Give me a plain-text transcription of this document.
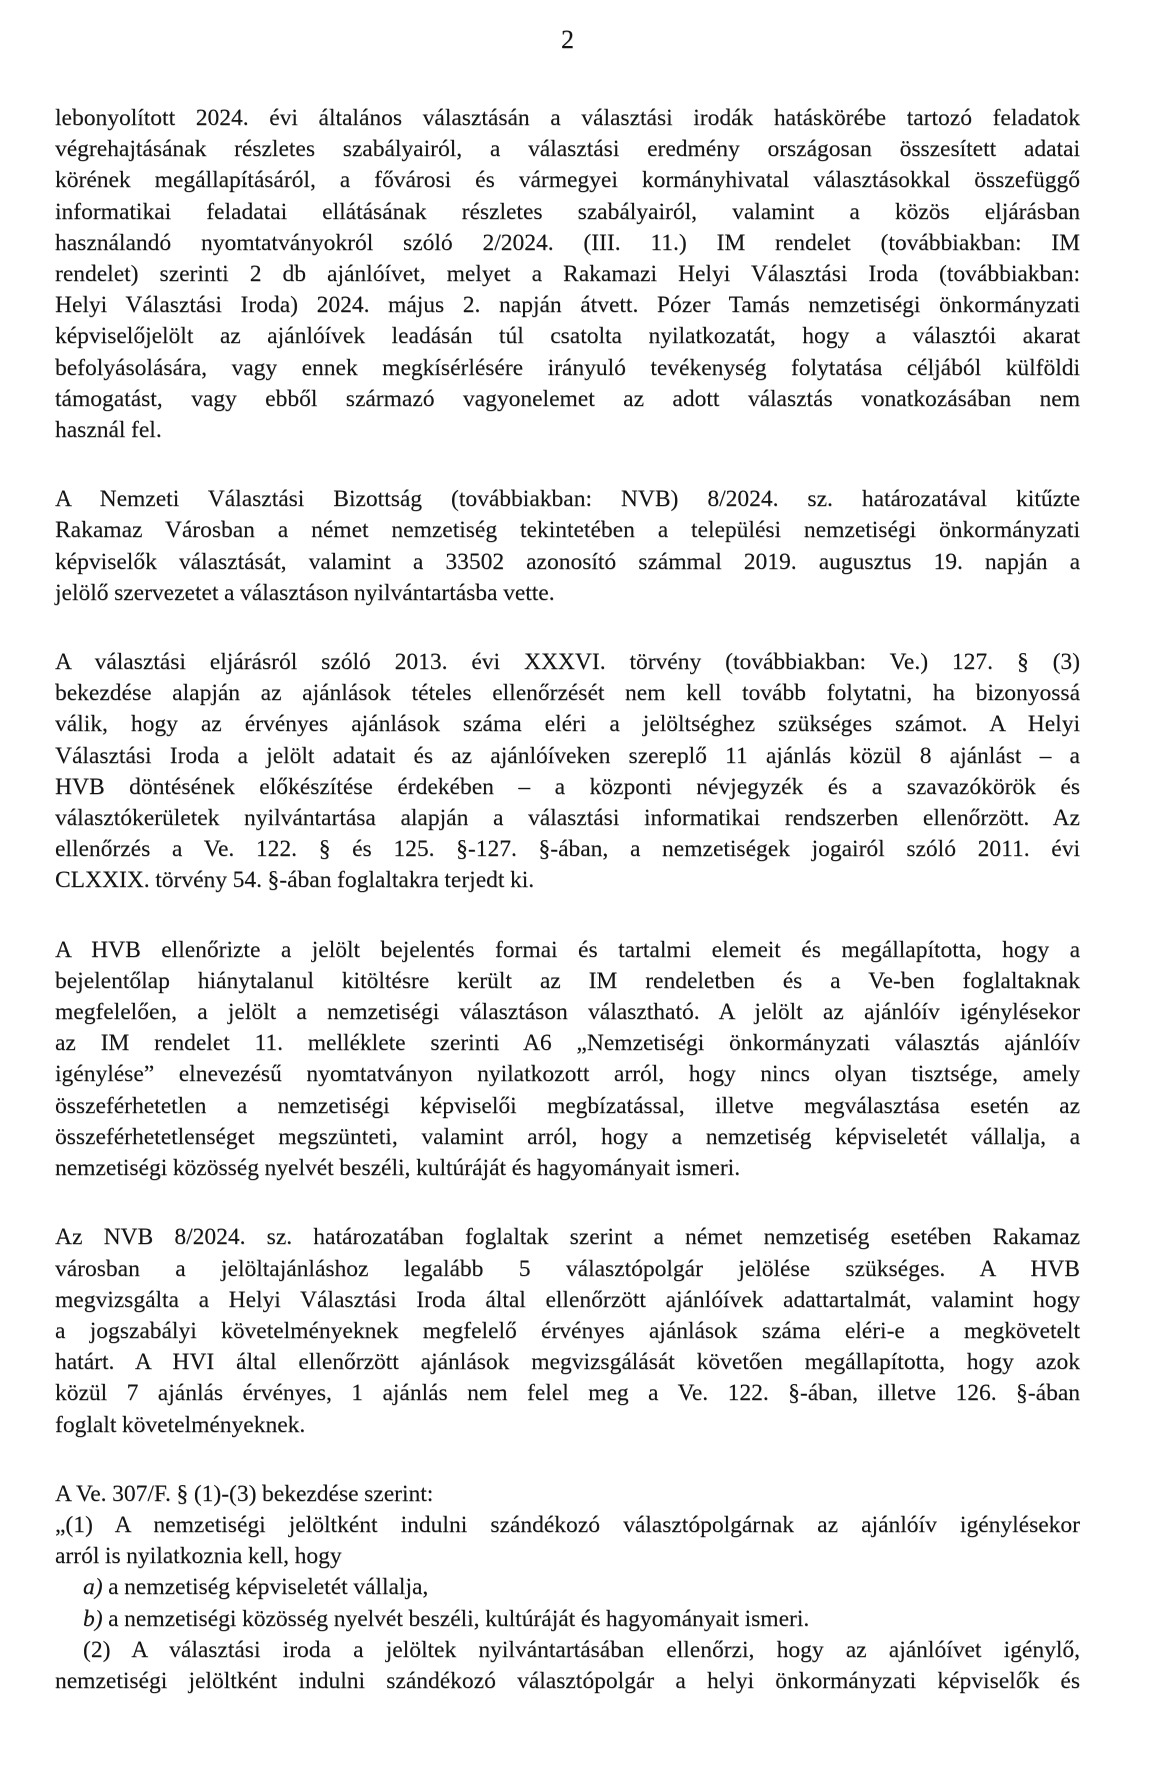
2
lebonyolított 2024. évi általános választásán a választási irodák hatáskörébe tartozó feladatok
végrehajtásának részletes szabályairól, a választási eredmény országosan összesített adatai
körének megállapításáról, a fővárosi és vármegyei kormányhivatal választásokkal összefüggő
informatikai feladatai ellátásának részletes szabályairól, valamint a közös eljárásban
használandó nyomtatványokról szóló 2/2024. (III. 11.) IM rendelet (továbbiakban: IM
rendelet) szerinti 2 db ajánlóívet, melyet a Rakamazi Helyi Választási Iroda (továbbiakban:
Helyi Választási Iroda) 2024. május 2. napján átvett. Pózer Tamás nemzetiségi önkormányzati
képviselőjelölt az ajánlóívek leadásán túl csatolta nyilatkozatát, hogy a választói akarat
befolyásolására, vagy ennek megkísérlésére irányuló tevékenység folytatása céljából külföldi
támogatást, vagy ebből származó vagyonelemet az adott választás vonatkozásában nem
használ fel.
A Nemzeti Választási Bizottság (továbbiakban: NVB) 8/2024. sz. határozatával kitűzte
Rakamaz Városban a német nemzetiség tekintetében a települési nemzetiségi önkormányzati
képviselők választását, valamint a 33502 azonosító számmal 2019. augusztus 19. napján a
jelölő szervezetet a választáson nyilvántartásba vette.
A választási eljárásról szóló 2013. évi XXXVI. törvény (továbbiakban: Ve.) 127. § (3)
bekezdése alapján az ajánlások tételes ellenőrzését nem kell tovább folytatni, ha bizonyossá
válik, hogy az érvényes ajánlások száma eléri a jelöltséghez szükséges számot. A Helyi
Választási Iroda a jelölt adatait és az ajánlóíveken szereplő 11 ajánlás közül 8 ajánlást – a
HVB döntésének előkészítése érdekében – a központi névjegyzék és a szavazókörök és
választókerületek nyilvántartása alapján a választási informatikai rendszerben ellenőrzött. Az
ellenőrzés a Ve. 122. § és 125. §-127. §-ában, a nemzetiségek jogairól szóló 2011. évi
CLXXIX. törvény 54. §-ában foglaltakra terjedt ki.
A HVB ellenőrizte a jelölt bejelentés formai és tartalmi elemeit és megállapította, hogy a
bejelentőlap hiánytalanul kitöltésre került az IM rendeletben és a Ve-ben foglaltaknak
megfelelően, a jelölt a nemzetiségi választáson választható. A jelölt az ajánlóív igénylésekor
az IM rendelet 11. melléklete szerinti A6 „Nemzetiségi önkormányzati választás ajánlóív
igénylése” elnevezésű nyomtatványon nyilatkozott arról, hogy nincs olyan tisztsége, amely
összeférhetetlen a nemzetiségi képviselői megbízatással, illetve megválasztása esetén az
összeférhetetlenséget megszünteti, valamint arról, hogy a nemzetiség képviseletét vállalja, a
nemzetiségi közösség nyelvét beszéli, kultúráját és hagyományait ismeri.
Az NVB 8/2024. sz. határozatában foglaltak szerint a német nemzetiség esetében Rakamaz
városban a jelöltajánláshoz legalább 5 választópolgár jelölése szükséges. A HVB
megvizsgálta a Helyi Választási Iroda által ellenőrzött ajánlóívek adattartalmát, valamint hogy
a jogszabályi követelményeknek megfelelő érvényes ajánlások száma eléri-e a megkövetelt
határt. A HVI által ellenőrzött ajánlások megvizsgálását követően megállapította, hogy azok
közül 7 ajánlás érvényes, 1 ajánlás nem felel meg a Ve. 122. §-ában, illetve 126. §-ában
foglalt követelményeknek.
A Ve. 307/F. § (1)-(3) bekezdése szerint:
„(1) A nemzetiségi jelöltként indulni szándékozó választópolgárnak az ajánlóív igénylésekor
arról is nyilatkoznia kell, hogy
a) a nemzetiség képviseletét vállalja,
b) a nemzetiségi közösség nyelvét beszéli, kultúráját és hagyományait ismeri.
(2) A választási iroda a jelöltek nyilvántartásában ellenőrzi, hogy az ajánlóívet igénylő,
nemzetiségi jelöltként indulni szándékozó választópolgár a helyi önkormányzati képviselők és
